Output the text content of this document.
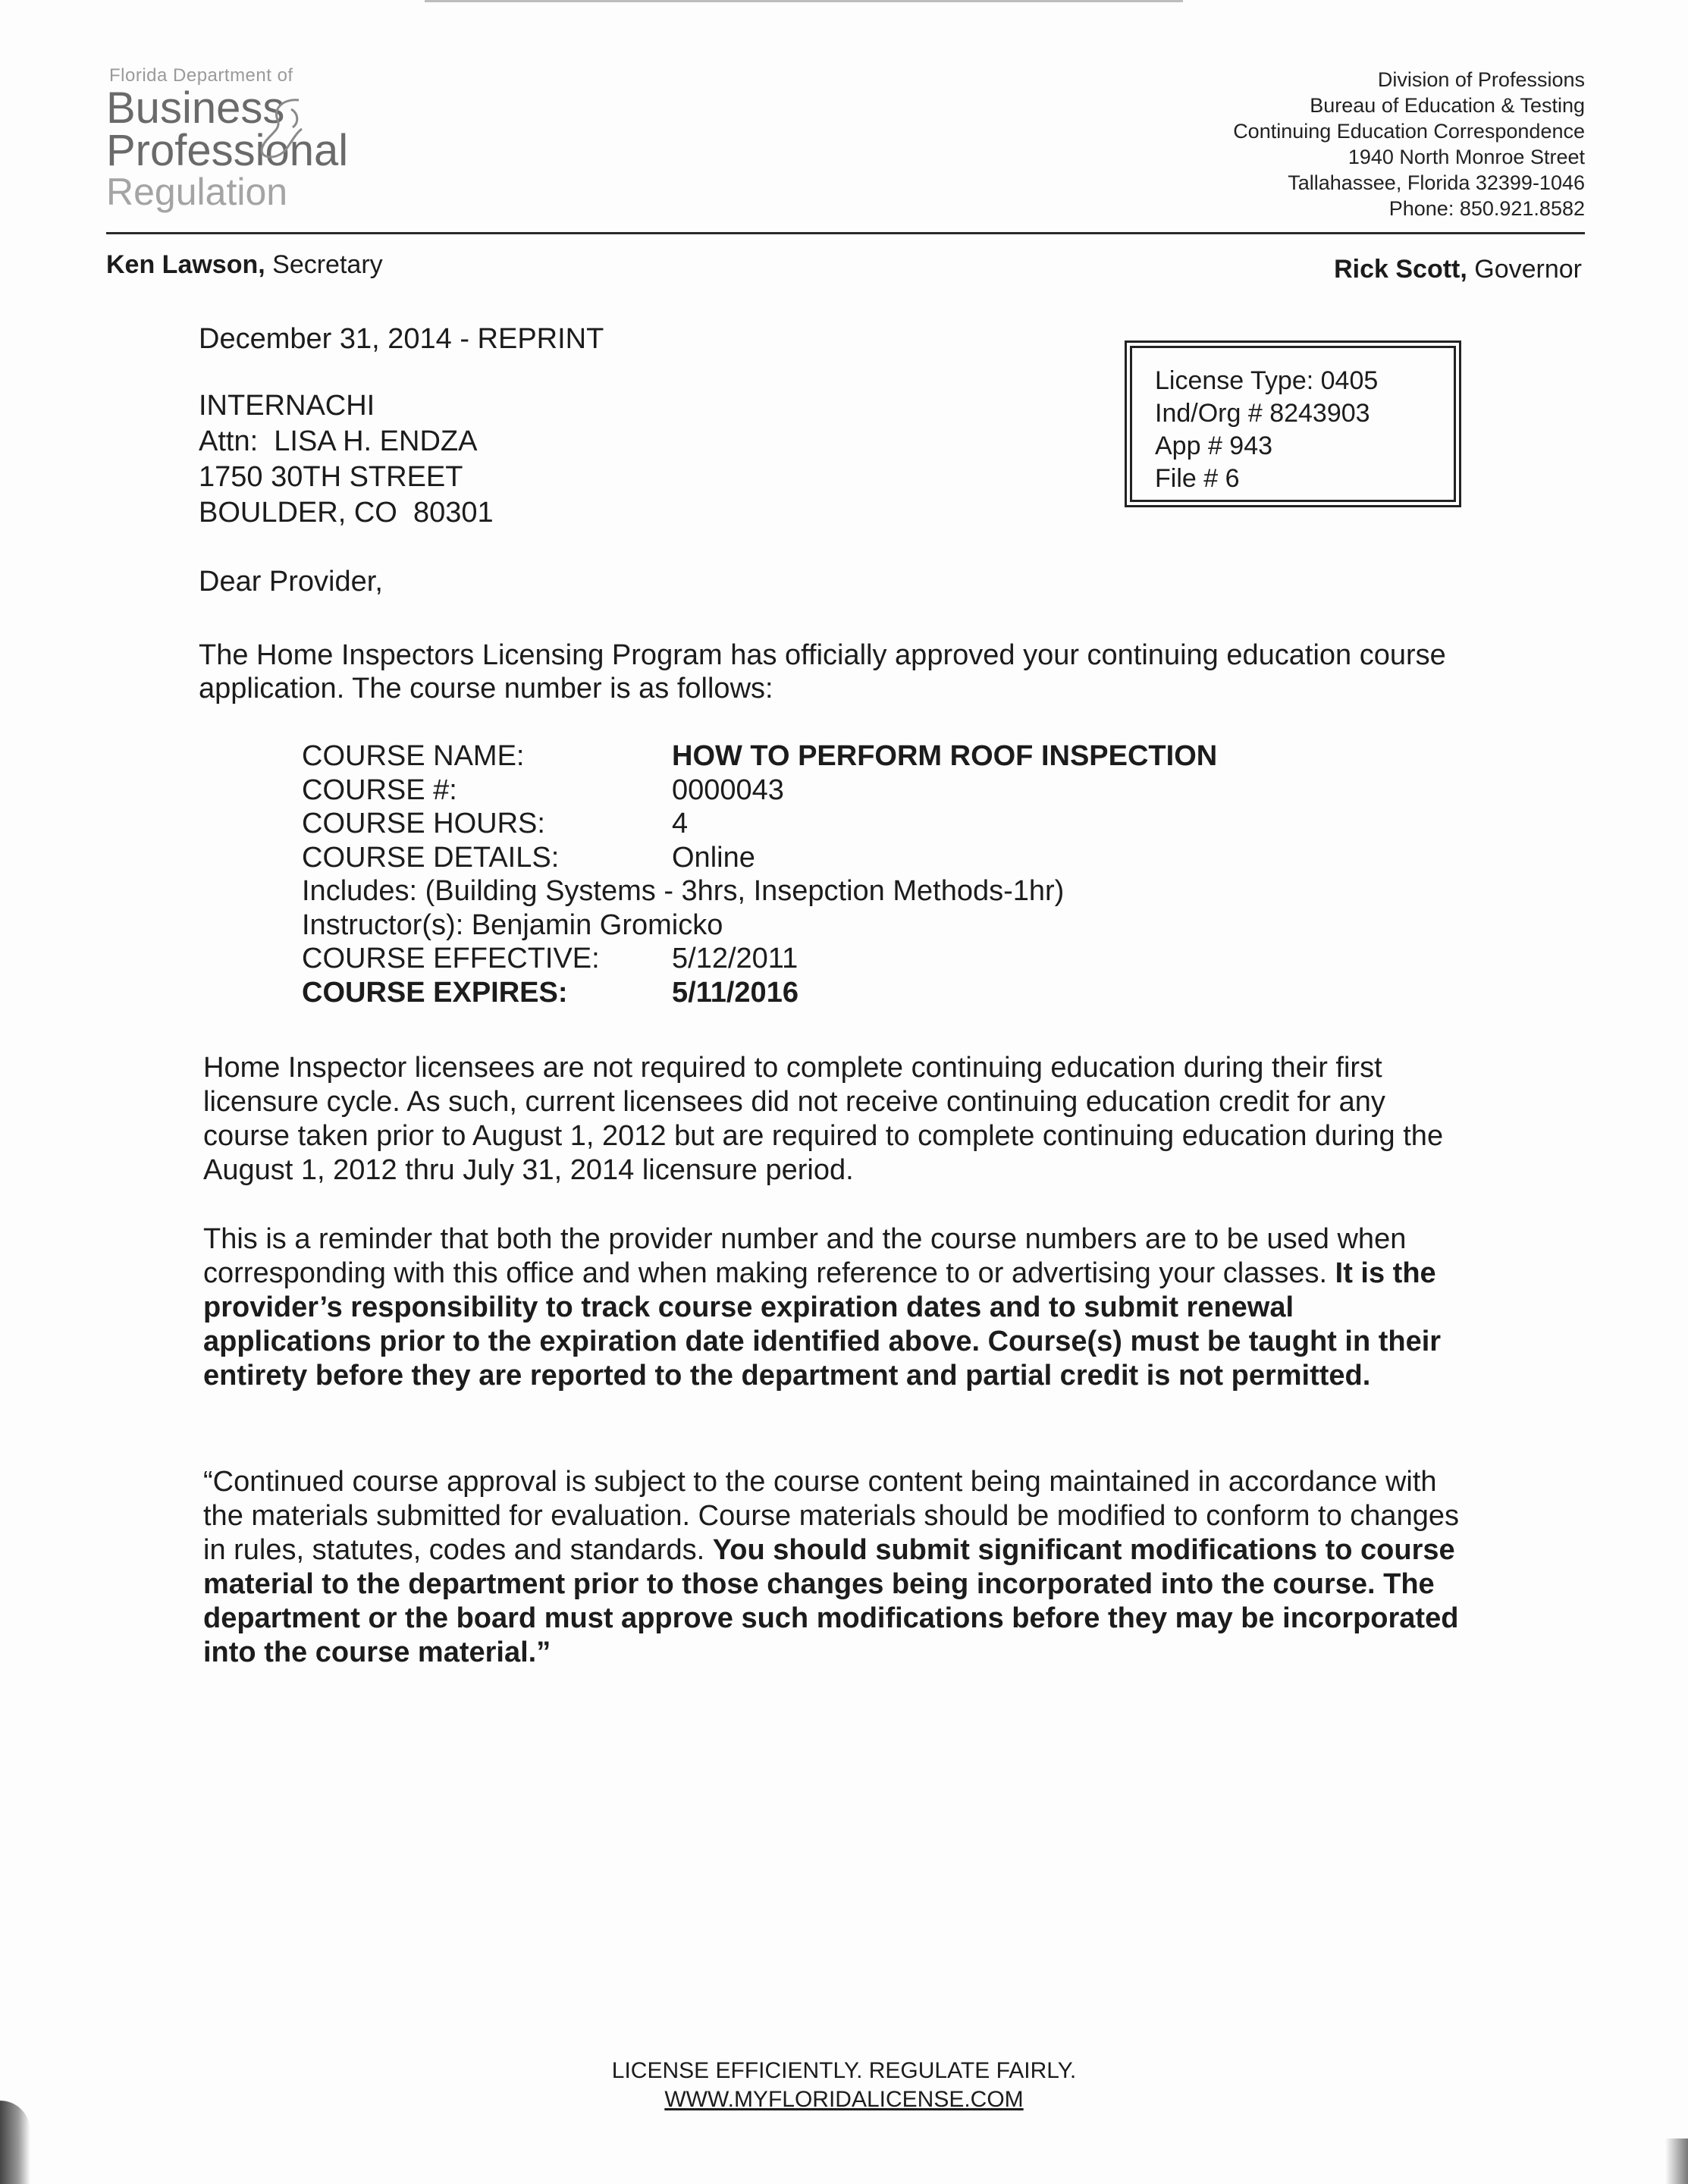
Florida Department of
Business
Professional
Regulation
Division of Professions
Bureau of Education & Testing
Continuing Education Correspondence
1940 North Monroe Street
Tallahassee, Florida 32399-1046
Phone: 850.921.8582
Ken Lawson, Secretary	Rick Scott, Governor
December 31, 2014 - REPRINT
INTERNACHI
Attn:  LISA H. ENDZA
1750 30TH STREET
BOULDER, CO  80301
License Type: 0405
Ind/Org # 8243903
App # 943
File # 6
Dear Provider,
The Home Inspectors Licensing Program has officially approved your continuing education course application. The course number is as follows:
COURSE NAME:	HOW TO PERFORM ROOF INSPECTION
COURSE #:	0000043
COURSE HOURS:	4
COURSE DETAILS:	Online
Includes: (Building Systems - 3hrs, Insepction Methods-1hr)
Instructor(s): Benjamin Gromicko
COURSE EFFECTIVE:	5/12/2011
COURSE EXPIRES:	5/11/2016
Home Inspector licensees are not required to complete continuing education during their first licensure cycle. As such, current licensees did not receive continuing education credit for any course taken prior to August 1, 2012 but are required to complete continuing education during the August 1, 2012 thru July 31, 2014 licensure period.
This is a reminder that both the provider number and the course numbers are to be used when corresponding with this office and when making reference to or advertising your classes. It is the provider’s responsibility to track course expiration dates and to submit renewal applications prior to the expiration date identified above. Course(s) must be taught in their entirety before they are reported to the department and partial credit is not permitted.
“Continued course approval is subject to the course content being maintained in accordance with the materials submitted for evaluation. Course materials should be modified to conform to changes in rules, statutes, codes and standards. You should submit significant modifications to course material to the department prior to those changes being incorporated into the course. The department or the board must approve such modifications before they may be incorporated into the course material.”
LICENSE EFFICIENTLY. REGULATE FAIRLY.
WWW.MYFLORIDALICENSE.COM
